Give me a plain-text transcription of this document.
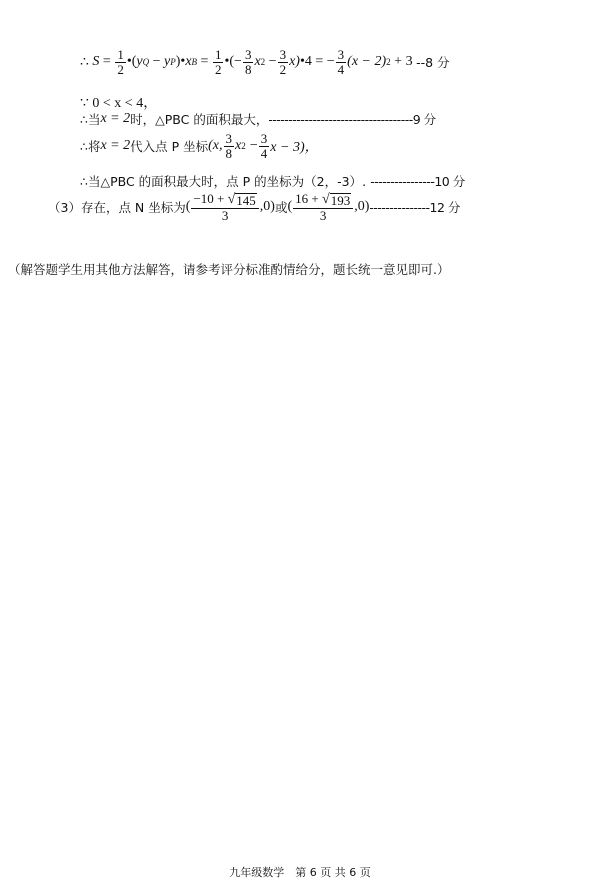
∴
S
=
$\frac{1}{2}$ • ( y Q
−
y P ) • x B
=
$\frac{1}{2}$ • ( − $\frac{3}{8}$ x 2
− $\frac{3}{2} x$) • 4
=
− $\frac{3}{4} (x - 2)$ 2
+ 3
--8 分
∵ 0 < x < 4，
∴当 x = 2 时，△PBC 的面积最大， ------------------------------------9 分
∴将 x = 2 代入点 P 坐标 (x, $\frac{3}{8}$ x 2
− $\frac{3}{4}$ x − 3)，
∴当△PBC 的面积最大时，点 P 的坐标为（2，-3）.
----------------10 分
（3）存在，点 N 坐标为 ( $\frac{-10 + √ 145}{3} ,0$) 或 ( $\frac{16 + √ 193}{3} ,0$) ---------------12 分
（解答题学生用其他方法解答，请参考评分标准酌情给分，题长统一意见即可.）
九年级数学　第 6 页 共 6 页
